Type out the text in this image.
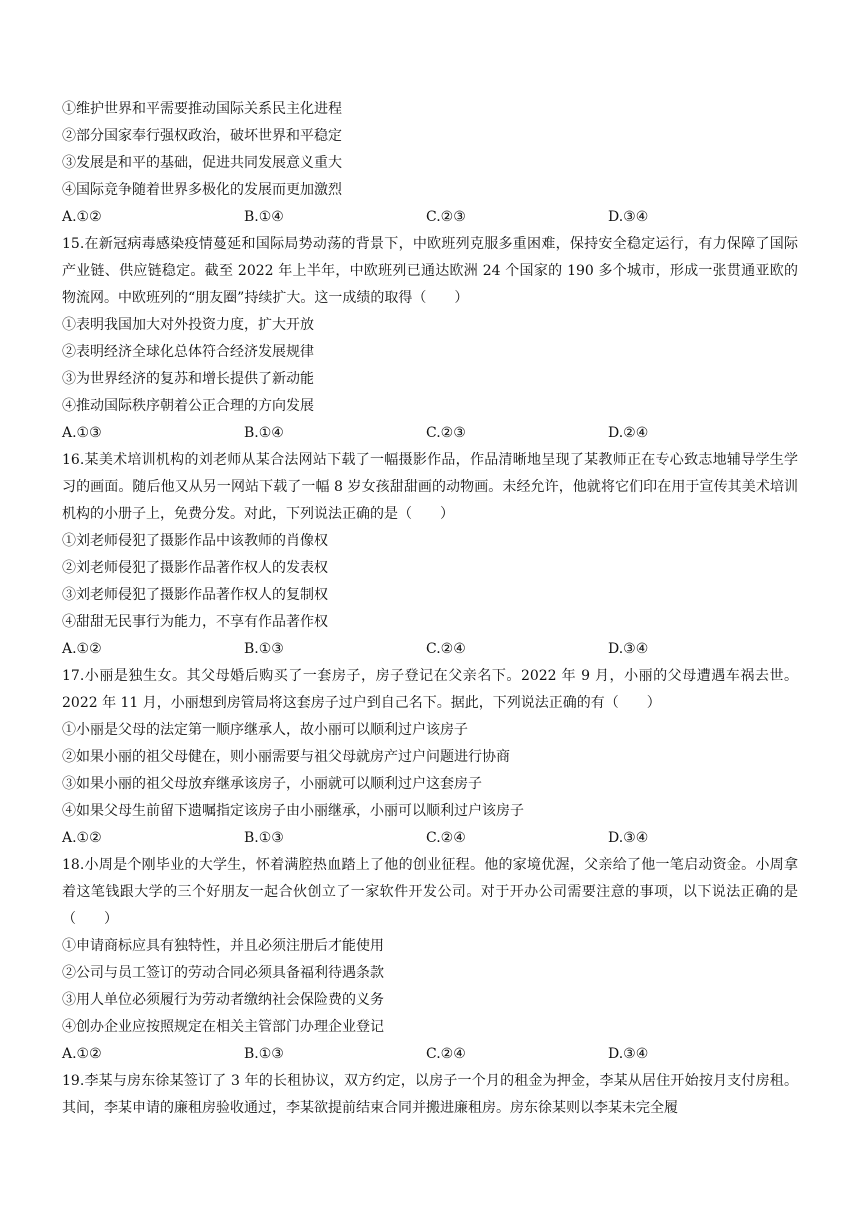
①维护世界和平需要推动国际关系民主化进程
②部分国家奉行强权政治，破坏世界和平稳定
③发展是和平的基础，促进共同发展意义重大
④国际竞争随着世界多极化的发展而更加激烈
A.①②	B.①④	C.②③	D.③④
15.在新冠病毒感染疫情蔓延和国际局势动荡的背景下，中欧班列克服多重困难，保持安全稳定运行，有力保障了国际产业链、供应链稳定。截至 2022 年上半年，中欧班列已通达欧洲 24 个国家的 190 多个城市，形成一张贯通亚欧的物流网。中欧班列的“朋友圈”持续扩大。这一成绩的取得（　　）
①表明我国加大对外投资力度，扩大开放
②表明经济全球化总体符合经济发展规律
③为世界经济的复苏和增长提供了新动能
④推动国际秩序朝着公正合理的方向发展
A.①③	B.①④	C.②③	D.②④
16.某美术培训机构的刘老师从某合法网站下载了一幅摄影作品，作品清晰地呈现了某教师正在专心致志地辅导学生学习的画面。随后他又从另一网站下载了一幅 8 岁女孩甜甜画的动物画。未经允许，他就将它们印在用于宣传其美术培训机构的小册子上，免费分发。对此，下列说法正确的是（　　）
①刘老师侵犯了摄影作品中该教师的肖像权
②刘老师侵犯了摄影作品著作权人的发表权
③刘老师侵犯了摄影作品著作权人的复制权
④甜甜无民事行为能力，不享有作品著作权
A.①②	B.①③	C.②④	D.③④
17.小丽是独生女。其父母婚后购买了一套房子，房子登记在父亲名下。2022 年 9 月，小丽的父母遭遇车祸去世。2022 年 11 月，小丽想到房管局将这套房子过户到自己名下。据此，下列说法正确的有（　　）
①小丽是父母的法定第一顺序继承人，故小丽可以顺利过户该房子
②如果小丽的祖父母健在，则小丽需要与祖父母就房产过户问题进行协商
③如果小丽的祖父母放弃继承该房子，小丽就可以顺利过户这套房子
④如果父母生前留下遗嘱指定该房子由小丽继承，小丽可以顺利过户该房子
A.①②	B.①③	C.②④	D.③④
18.小周是个刚毕业的大学生，怀着满腔热血踏上了他的创业征程。他的家境优渥，父亲给了他一笔启动资金。小周拿着这笔钱跟大学的三个好朋友一起合伙创立了一家软件开发公司。对于开办公司需要注意的事项，以下说法正确的是（　　）
①申请商标应具有独特性，并且必须注册后才能使用
②公司与员工签订的劳动合同必须具备福利待遇条款
③用人单位必须履行为劳动者缴纳社会保险费的义务
④创办企业应按照规定在相关主管部门办理企业登记
A.①②	B.①③	C.②④	D.③④
19.李某与房东徐某签订了 3 年的长租协议，双方约定，以房子一个月的租金为押金，李某从居住开始按月支付房租。其间，李某申请的廉租房验收通过，李某欲提前结束合同并搬进廉租房。房东徐某则以李某未完全履
